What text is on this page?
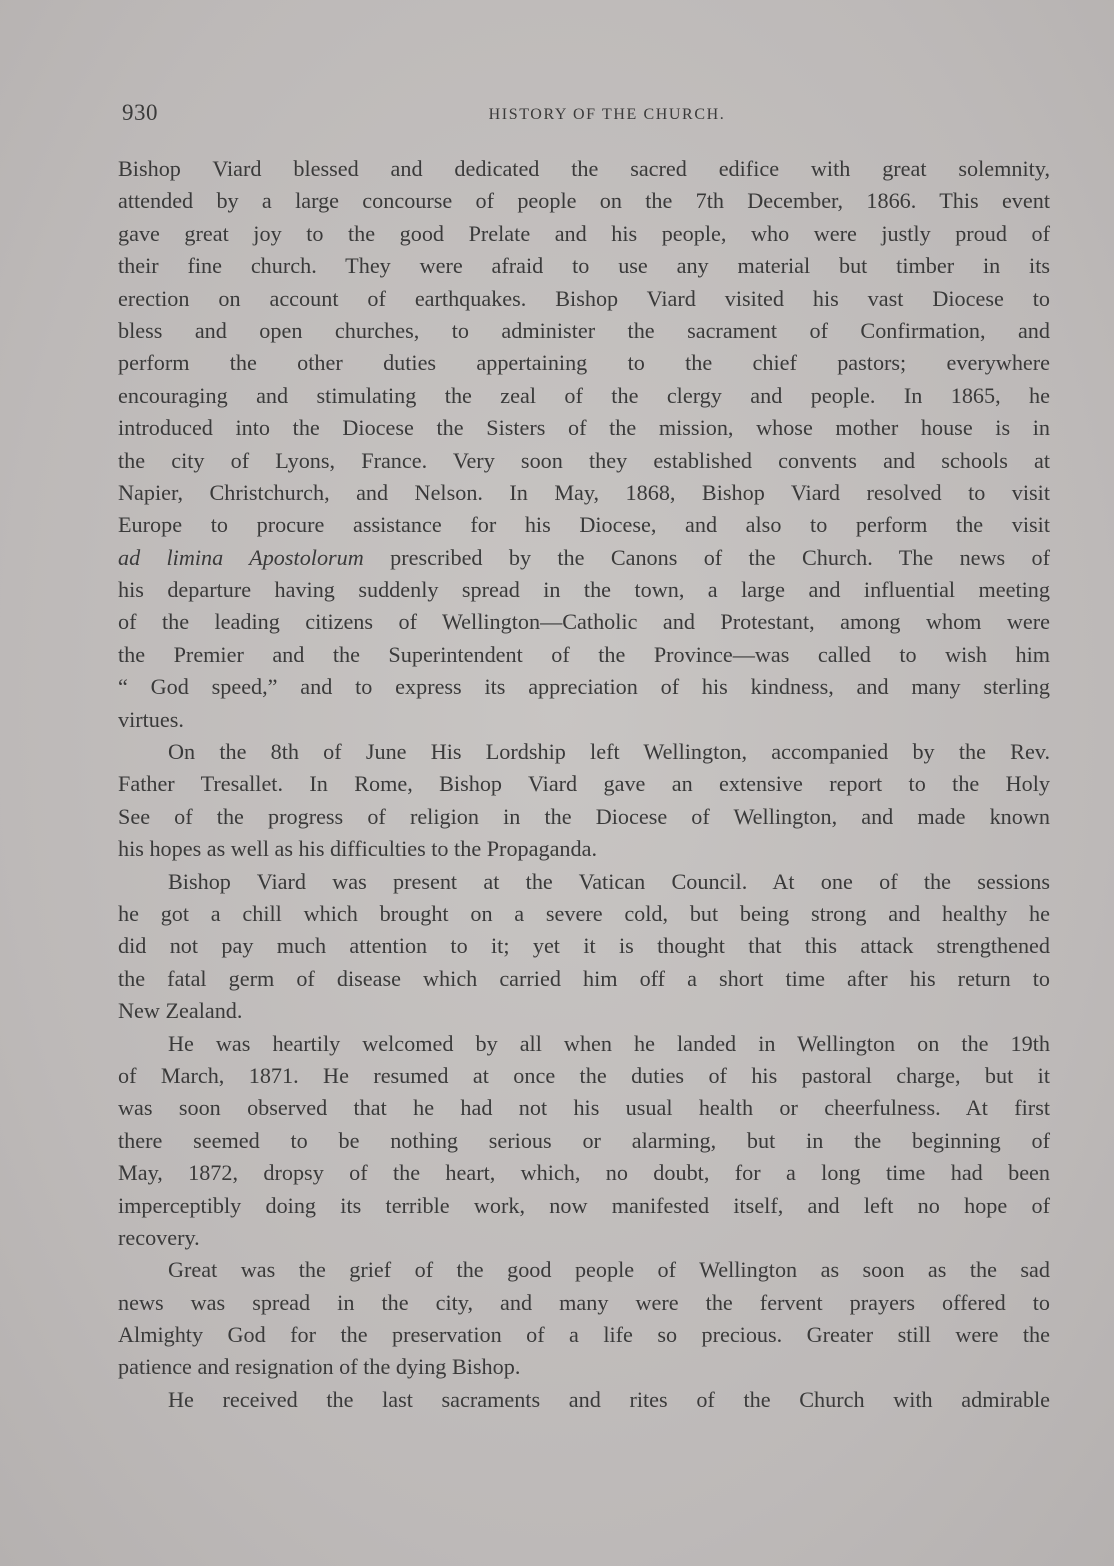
930	HISTORY OF THE CHURCH.
Bishop Viard blessed and dedicated the sacred edifice with great solemnity,
attended by a large concourse of people on the 7th December, 1866. This event
gave great joy to the good Prelate and his people, who were justly proud of
their fine church. They were afraid to use any material but timber in its
erection on account of earthquakes. Bishop Viard visited his vast Diocese to
bless and open churches, to administer the sacrament of Confirmation, and
perform the other duties appertaining to the chief pastors; everywhere
encouraging and stimulating the zeal of the clergy and people. In 1865, he
introduced into the Diocese the Sisters of the mission, whose mother house is in
the city of Lyons, France. Very soon they established convents and schools at
Napier, Christchurch, and Nelson. In May, 1868, Bishop Viard resolved to visit
Europe to procure assistance for his Diocese, and also to perform the visit
ad limina Apostolorum prescribed by the Canons of the Church. The news of
his departure having suddenly spread in the town, a large and influential meeting
of the leading citizens of Wellington—Catholic and Protestant, among whom were
the Premier and the Superintendent of the Province—was called to wish him
“ God speed,” and to express its appreciation of his kindness, and many sterling
virtues.
On the 8th of June His Lordship left Wellington, accompanied by the Rev.
Father Tresallet. In Rome, Bishop Viard gave an extensive report to the Holy
See of the progress of religion in the Diocese of Wellington, and made known
his hopes as well as his difficulties to the Propaganda.
Bishop Viard was present at the Vatican Council. At one of the sessions
he got a chill which brought on a severe cold, but being strong and healthy he
did not pay much attention to it; yet it is thought that this attack strengthened
the fatal germ of disease which carried him off a short time after his return to
New Zealand.
He was heartily welcomed by all when he landed in Wellington on the 19th
of March, 1871. He resumed at once the duties of his pastoral charge, but it
was soon observed that he had not his usual health or cheerfulness. At first
there seemed to be nothing serious or alarming, but in the beginning of
May, 1872, dropsy of the heart, which, no doubt, for a long time had been
imperceptibly doing its terrible work, now manifested itself, and left no hope of
recovery.
Great was the grief of the good people of Wellington as soon as the sad
news was spread in the city, and many were the fervent prayers offered to
Almighty God for the preservation of a life so precious. Greater still were the
patience and resignation of the dying Bishop.
He received the last sacraments and rites of the Church with admirable
